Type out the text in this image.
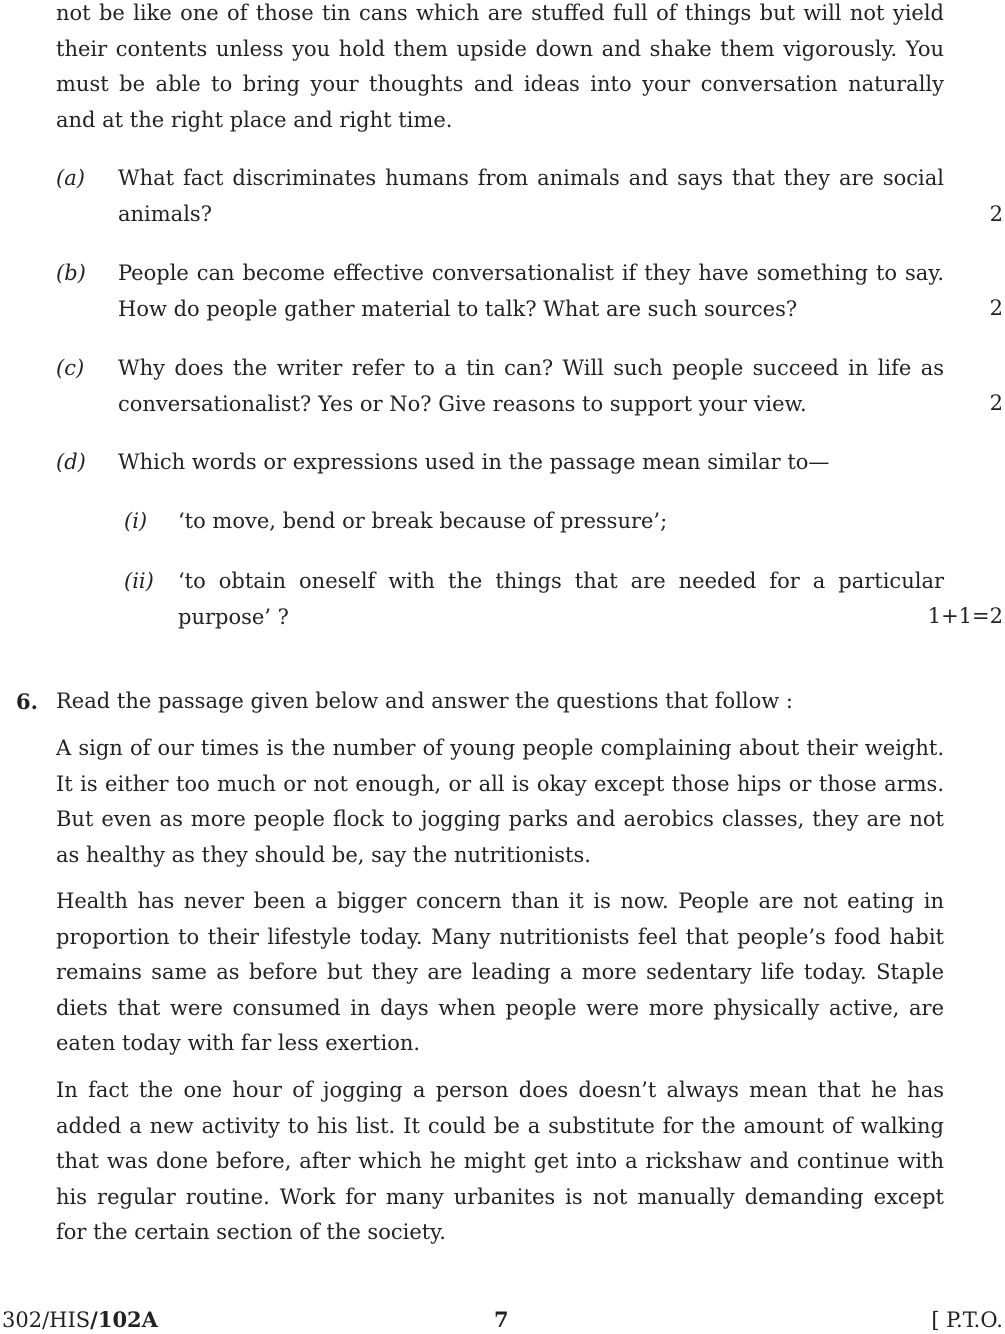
not be like one of those tin cans which are stuffed full of things but will not yield their contents unless you hold them upside down and shake them vigorously. You must be able to bring your thoughts and ideas into your conversation naturally and at the right place and right time.

(a) What fact discriminates humans from animals and says that they are social animals?	2
(b) People can become effective conversationalist if they have something to say. How do people gather material to talk? What are such sources?	2
(c) Why does the writer refer to a tin can? Will such people succeed in life as conversationalist? Yes or No? Give reasons to support your view.	2
(d) Which words or expressions used in the passage mean similar to—
(i) ‘to move, bend or break because of pressure’;
(ii) ‘to obtain oneself with the things that are needed for a particular purpose’ ?	1+1=2
6. Read the passage given below and answer the questions that follow :

A sign of our times is the number of young people complaining about their weight. It is either too much or not enough, or all is okay except those hips or those arms. But even as more people flock to jogging parks and aerobics classes, they are not as healthy as they should be, say the nutritionists.

Health has never been a bigger concern than it is now. People are not eating in proportion to their lifestyle today. Many nutritionists feel that people’s food habit remains same as before but they are leading a more sedentary life today. Staple diets that were consumed in days when people were more physically active, are eaten today with far less exertion.

In fact the one hour of jogging a person does doesn’t always mean that he has added a new activity to his list. It could be a substitute for the amount of walking that was done before, after which he might get into a rickshaw and continue with his regular routine. Work for many urbanites is not manually demanding except for the certain section of the society.

302/HIS/102A	7	[ P.T.O.
